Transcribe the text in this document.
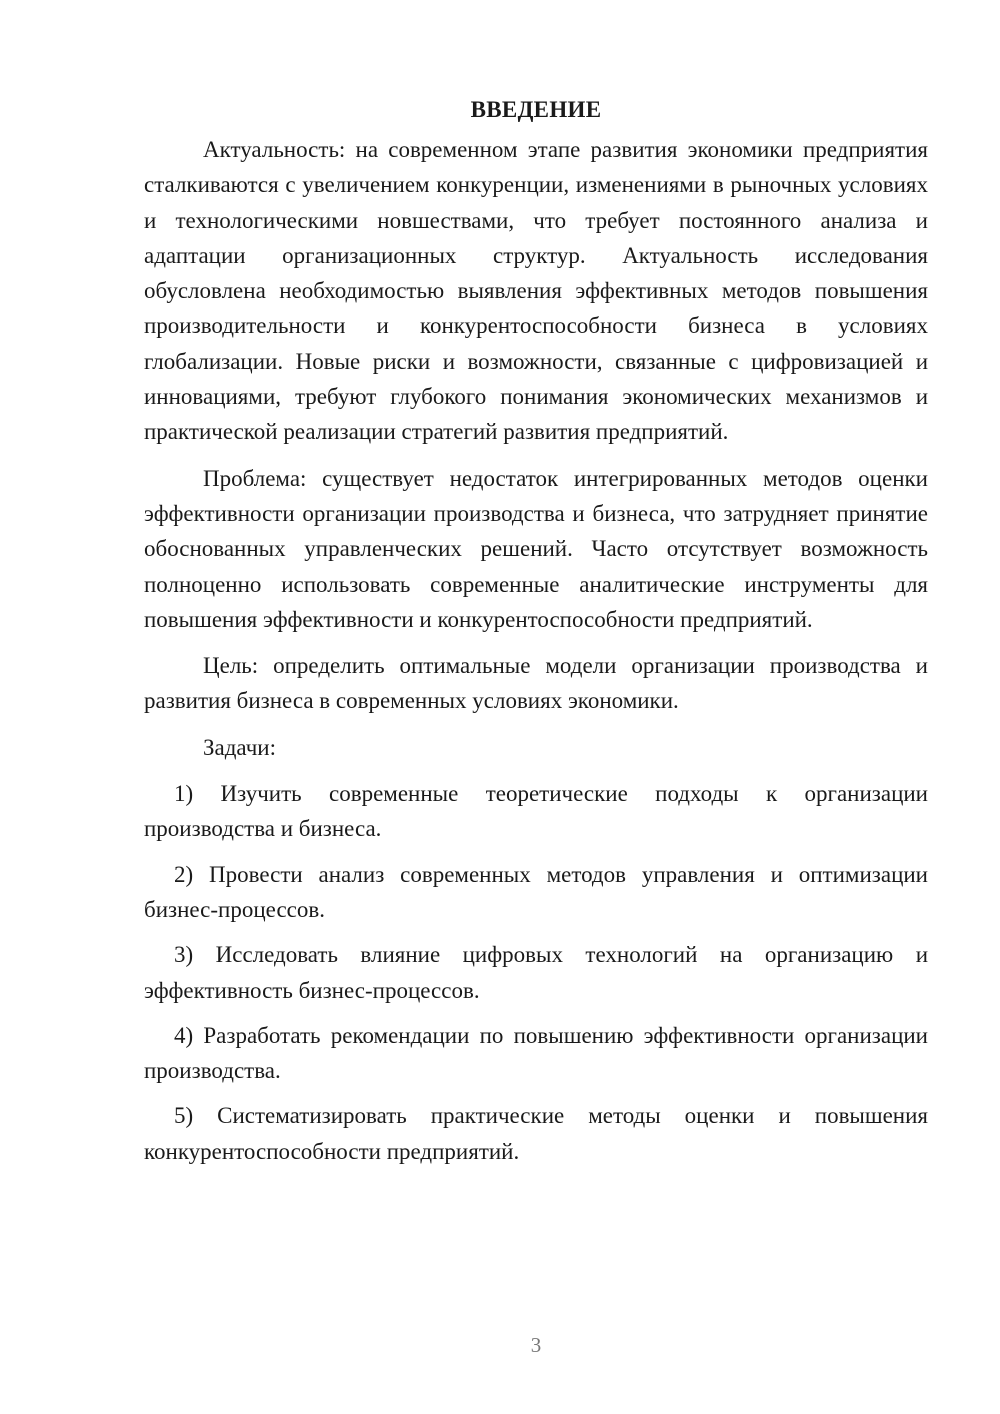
ВВЕДЕНИЕ

Актуальность: на современном этапе развития экономики предприятия сталкиваются с увеличением конкуренции, изменениями в рыночных условиях и технологическими новшествами, что требует постоянного анализа и адаптации организационных структур. Актуальность исследования обусловлена необходимостью выявления эффективных методов повышения производительности и конкурентоспособности бизнеса в условиях глобализации. Новые риски и возможности, связанные с цифровизацией и инновациями, требуют глубокого понимания экономических механизмов и практической реализации стратегий развития предприятий.

Проблема: существует недостаток интегрированных методов оценки эффективности организации производства и бизнеса, что затрудняет принятие обоснованных управленческих решений. Часто отсутствует возможность полноценно использовать современные аналитические инструменты для повышения эффективности и конкурентоспособности предприятий.

Цель: определить оптимальные модели организации производства и развития бизнеса в современных условиях экономики.

Задачи:

1) Изучить современные теоретические подходы к организации производства и бизнеса.

2) Провести анализ современных методов управления и оптимизации бизнес-процессов.

3) Исследовать влияние цифровых технологий на организацию и эффективность бизнес-процессов.

4) Разработать рекомендации по повышению эффективности организации производства.

5) Систематизировать практические методы оценки и повышения конкурентоспособности предприятий.

3
